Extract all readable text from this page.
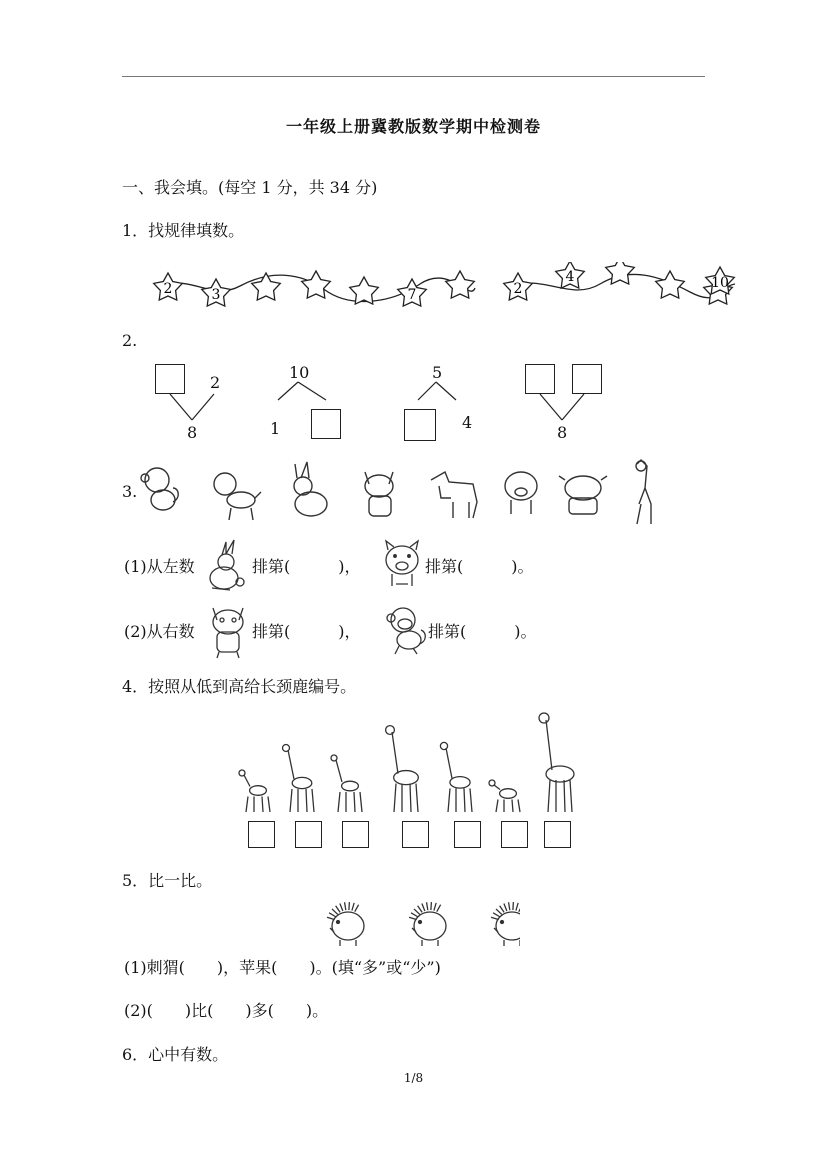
一年级上册冀教版数学期中检测卷
一、我会填。(每空 1 分，共 34 分)
1．找规律填数。
2	3	7	2
4	10
2.
2
8
10
1
5
4
8
3.
(1)从左数	排第(　　　)，	排第(　　　)。
(2)从右数	排第(　　　)，	排第(　　　)。
4．按照从低到高给长颈鹿编号。
5．比一比。
(1)刺猬(　　)，苹果(　　)。(填“多”或“少”)
(2)(　　)比(　　)多(　　)。
6．心中有数。
1/8
